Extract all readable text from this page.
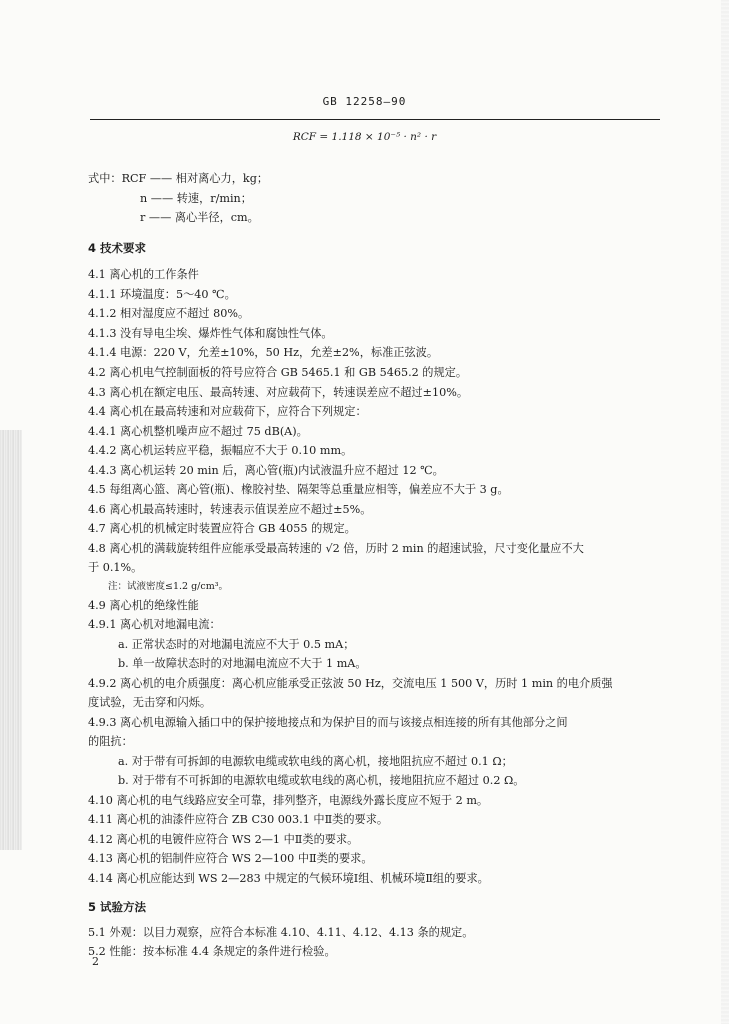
GB 12258—90
RCF = 1.118 × 10⁻⁵ · n² · r
式中：RCF —— 相对离心力，kg；
n —— 转速，r/min；
r —— 离心半径，cm。
4 技术要求
4.1 离心机的工作条件
4.1.1 环境温度：5～40 ℃。
4.1.2 相对湿度应不超过 80%。
4.1.3 没有导电尘埃、爆炸性气体和腐蚀性气体。
4.1.4 电源：220 V，允差±10%，50 Hz，允差±2%，标准正弦波。
4.2 离心机电气控制面板的符号应符合 GB 5465.1 和 GB 5465.2 的规定。
4.3 离心机在额定电压、最高转速、对应载荷下，转速误差应不超过±10%。
4.4 离心机在最高转速和对应载荷下，应符合下列规定：
4.4.1 离心机整机噪声应不超过 75 dB(A)。
4.4.2 离心机运转应平稳，振幅应不大于 0.10 mm。
4.4.3 离心机运转 20 min 后，离心管(瓶)内试液温升应不超过 12 ℃。
4.5 每组离心篮、离心管(瓶)、橡胶衬垫、隔架等总重量应相等，偏差应不大于 3 g。
4.6 离心机最高转速时，转速表示值误差应不超过±5%。
4.7 离心机的机械定时装置应符合 GB 4055 的规定。
4.8 离心机的满载旋转组件应能承受最高转速的 √2 倍，历时 2 min 的超速试验，尺寸变化量应不大
于 0.1%。
注：试液密度≤1.2 g/cm³。
4.9 离心机的绝缘性能
4.9.1 离心机对地漏电流：
a. 正常状态时的对地漏电流应不大于 0.5 mA；
b. 单一故障状态时的对地漏电流应不大于 1 mA。
4.9.2 离心机的电介质强度：离心机应能承受正弦波 50 Hz，交流电压 1 500 V，历时 1 min 的电介质强
度试验，无击穿和闪烁。
4.9.3 离心机电源输入插口中的保护接地接点和为保护目的而与该接点相连接的所有其他部分之间
的阻抗：
a. 对于带有可拆卸的电源软电缆或软电线的离心机，接地阻抗应不超过 0.1 Ω；
b. 对于带有不可拆卸的电源软电缆或软电线的离心机，接地阻抗应不超过 0.2 Ω。
4.10 离心机的电气线路应安全可靠，排列整齐，电源线外露长度应不短于 2 m。
4.11 离心机的油漆件应符合 ZB C30 003.1 中Ⅱ类的要求。
4.12 离心机的电镀件应符合 WS 2—1 中Ⅱ类的要求。
4.13 离心机的铝制件应符合 WS 2—100 中Ⅱ类的要求。
4.14 离心机应能达到 WS 2—283 中规定的气候环境Ⅰ组、机械环境Ⅱ组的要求。
5 试验方法
5.1 外观：以目力观察，应符合本标准 4.10、4.11、4.12、4.13 条的规定。
5.2 性能：按本标准 4.4 条规定的条件进行检验。
2
